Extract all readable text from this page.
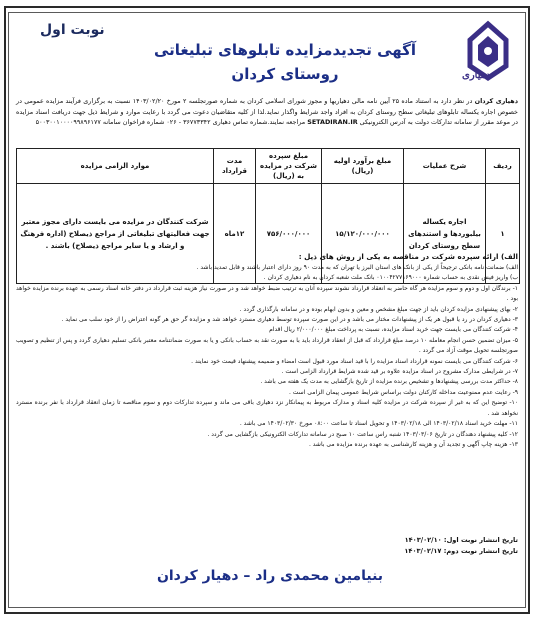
دهیاری
نوبت اول
آگهی تجدیدمزایده تابلوهای تبلیغاتی
روستای کردان
دهیاری کردان در نظر دارد به استناد ماده ۲۵ آیین نامه مالی دهیاریها و مجوز شورای اسلامی کردان به شماره صورتجلسه ۲ مورخ ۱۴۰۳/۰۲/۲۰ نسبت به برگزاری فرآیند مزایده عمومی در خصوص اجاره یکساله تابلوهای تبلیغاتی سطح روستای کردان به افراد واجد شرایط واگذار نماید.لذا از کلیه متقاضیان دعوت می گردد با رعایت موارد و شرایط ذیل جهت دریافت اسناد مزایده در موعد مقرر از سامانه تدارکات دولت به آدرس الکترونیکی SETADIRAN.IR مراجعه نمایند.شماره تماس دهیاری ۳۶۷۷۳۳۴۲ - ۰۲۶ شماره فراخوان سامانه ۵۰۰۳۰۰۱۰۰۰۰۹۹۸۹۶۱۷۷
ردیف	شرح عملیات	مبلغ برآورد اولیه (ریال)	مبلغ سپرده شرکت در مزایده به (ریال)	مدت قرارداد	موارد الزامی مزایده
۱	اجاره یکساله بیلبوردها و استندهای سطح روستای کردان	۱۵/۱۲۰/۰۰۰/۰۰۰	۷۵۶/۰۰۰/۰۰۰	۱۲ماه	شرکت کنندگان در مزایده می بایست دارای مجوز معتبر جهت فعالیتهای تبلیغاتی از مراجع ذیصلاح (اداره فرهنگ و ارشاد و یا سایر مراجع ذیصلاح) باشند .
الف) ارائه سپرده شرکت در مناقصه به یکی از روش های ذیل :
الف) ضمانت نامه بانکی ترجیحاً از یکی از بانک های استان البرز یا تهران که به مدت ۹۰ روز دارای اعتبار باشند و قابل تمدید باشد .
ب) واریز فیش نقدی به حساب شماره ۰۱۰۰۴۲۷۷۱۶۹۰۰۰ بانک ملت شعبه کردان به نام دهیاری کردان .
۱- برندگان اول و دوم و سوم مزایده هر گاه حاضر به انعقاد قرارداد نشوند سپرده آنان به ترتیب ضبط خواهد شد و در صورت نیاز هزینه ثبت قرارداد در دفتر خانه اسناد رسمی به عهده برنده مزایده خواهد بود .
۲- بهای پیشنهادی مزایده کردان باید از جهت مبلغ مشخص و معین و بدون ابهام بوده و در سامانه بارگذاری گردد .
۳- دهیاری کردان در رد یا قبول هر یک از پیشنهادات مختار می باشد و در این صورت سپرده توسط دهیاری مسترد خواهد شد و مزایده گر حق هر گونه اعتراض را از خود سلب می نماید .
۴- شرکت کنندگان می بایست جهت خرید اسناد مزایده، نسبت به پرداخت مبلغ ۲/۰۰۰/۰۰۰ ریال اقدام
۵- میزان تضمین حسن انجام معامله ۱۰ درصد مبلغ قرارداد که قبل از انعقاد قرارداد باید با به صورت نقد به حساب بانکی و یا به صورت ضمانتنامه معتبر بانکی تسلیم دهیاری گردد و پس از تنظیم و تصویب صورتجلسه تحویل موقت آزاد می گردد .
۶- شرکت کنندگان می بایست نمونه قرارداد اسناد مزایده را با قید اسناد مورد قبول است امضاء و ضمیمه پیشنهاد قیمت خود نمایند .
۷- در شرایطی مدارک مشروح در اسناد مزایده علاوه بر قید شده شرایط قرارداد الزامی است .
۸- حداکثر مدت بررسی پیشنهادها و تشخیص برنده مزایده از تاریخ بازگشایی به مدت یک هفته می باشد .
۹- رعایت عدم ممنوعیت مداخله کارکنان دولت براساس شرایط عمومی پیمان الزامی است .
۱۰- توضیح این که به غیر از سپرده شرکت در مزایده کلیه اسناد و مدارک مربوط به پیمانکار نزد دهیاری باقی می ماند و سپرده تدارکات دوم و سوم مناقصه تا زمان انعقاد قرارداد با نفر برنده مسترد نخواهد شد .
۱۱- مهلت خرید اسناد ۱۴۰۳/۰۲/۱۸ الی ۱۴۰۳/۰۲/۱۸ و تحویل اسناد تا ساعت ۰۸:۰۰ مورخ ۱۴۰۳/۰۲/۳۰ می باشد .
۱۲- کلیه پیشنهاد دهندگان در تاریخ ۱۴۰۳/۰۳/۰۶ شنبه راس ساعت ۱۰ صبح در سامانه تدارکات الکترونیکی بازگشایی می گردد .
۱۳- هزینه چاپ آگهی و تجدید آن و هزینه کارشناسی به عهده برنده مزایده می باشد .
تاریخ انتشار نوبت اول: ۱۴۰۳/۰۲/۱۰
تاریخ انتشار نوبت دوم: ۱۴۰۳/۰۲/۱۷
بنیامین محمدی راد – دهیار کردان
